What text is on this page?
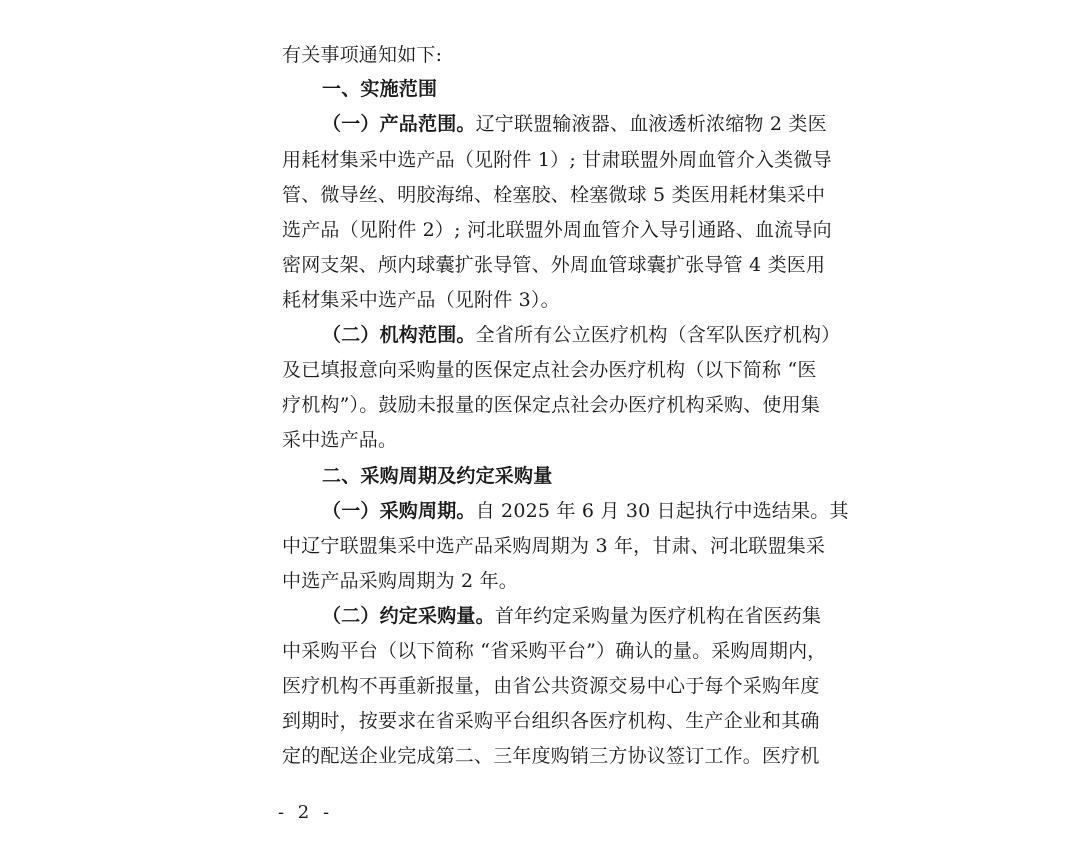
有关事项通知如下:
一、实施范围
（一）产品范围。辽宁联盟输液器、血液透析浓缩物 2 类医
用耗材集采中选产品（见附件 1）; 甘肃联盟外周血管介入类微导
管、微导丝、明胶海绵、栓塞胶、栓塞微球 5 类医用耗材集采中
选产品（见附件 2）; 河北联盟外周血管介入导引通路、血流导向
密网支架、颅内球囊扩张导管、外周血管球囊扩张导管 4 类医用
耗材集采中选产品（见附件 3）。
（二）机构范围。全省所有公立医疗机构（含军队医疗机构）
及已填报意向采购量的医保定点社会办医疗机构（以下简称 “医
疗机构”）。鼓励未报量的医保定点社会办医疗机构采购、使用集
采中选产品。
二、采购周期及约定采购量
（一）采购周期。自 2025 年 6 月 30 日起执行中选结果。其
中辽宁联盟集采中选产品采购周期为 3 年，甘肃、河北联盟集采
中选产品采购周期为 2 年。
（二）约定采购量。首年约定采购量为医疗机构在省医药集
中采购平台（以下简称 “省采购平台”）确认的量。采购周期内，
医疗机构不再重新报量，由省公共资源交易中心于每个采购年度
到期时，按要求在省采购平台组织各医疗机构、生产企业和其确
定的配送企业完成第二、三年度购销三方协议签订工作。医疗机
- 2 -
